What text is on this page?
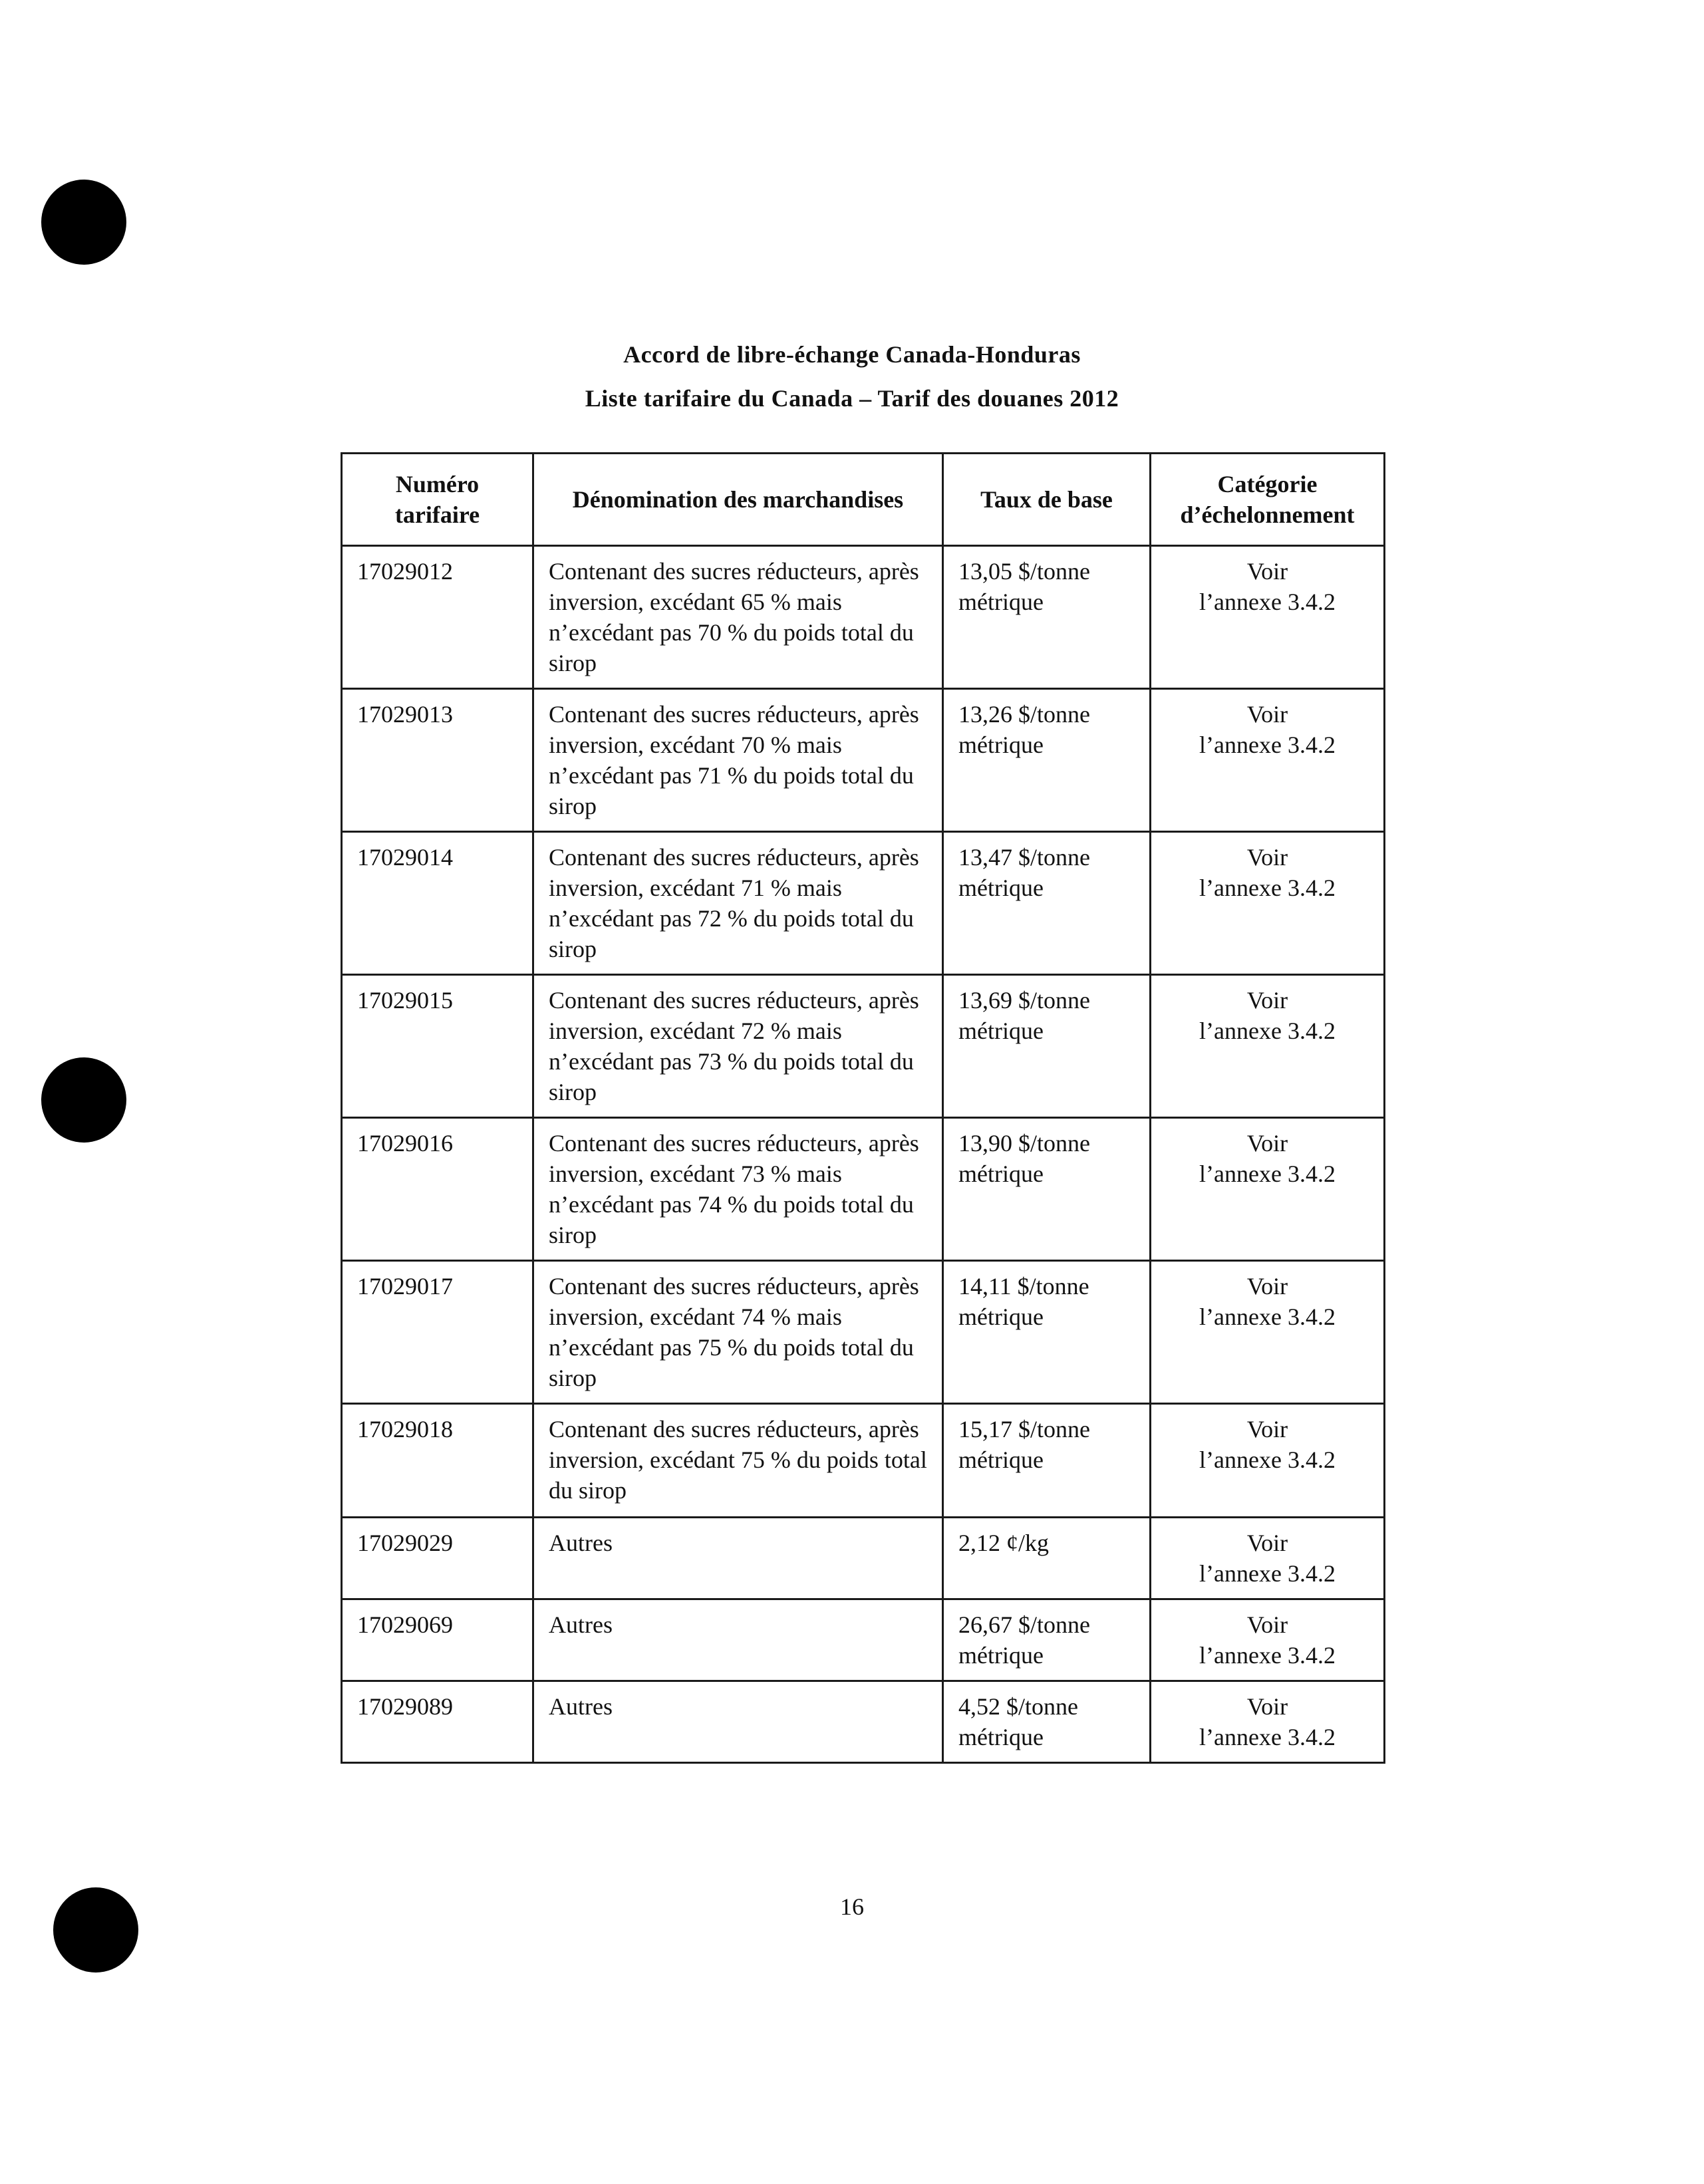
Accord de libre-échange Canada-Honduras
Liste tarifaire du Canada – Tarif des douanes 2012
Numéro
tarifaire	Dénomination des marchandises	Taux de base	Catégorie
d’échelonnement
17029012	Contenant des sucres réducteurs, après inversion, excédant 65 % mais n’excédant pas 70 % du poids total du sirop	13,05 $/tonne métrique	Voir
l’annexe 3.4.2

17029013	Contenant des sucres réducteurs, après inversion, excédant 70 % mais n’excédant pas 71 % du poids total du sirop	13,26 $/tonne métrique	Voir
l’annexe 3.4.2

17029014	Contenant des sucres réducteurs, après inversion, excédant 71 % mais n’excédant pas 72 % du poids total du sirop	13,47 $/tonne métrique	Voir
l’annexe 3.4.2

17029015	Contenant des sucres réducteurs, après inversion, excédant 72 % mais n’excédant pas 73 % du poids total du sirop	13,69 $/tonne métrique	Voir
l’annexe 3.4.2

17029016	Contenant des sucres réducteurs, après inversion, excédant 73 % mais n’excédant pas 74 % du poids total du sirop	13,90 $/tonne métrique	Voir
l’annexe 3.4.2

17029017	Contenant des sucres réducteurs, après inversion, excédant 74 % mais n’excédant pas 75 % du poids total du sirop	14,11 $/tonne métrique	Voir
l’annexe 3.4.2

17029018	Contenant des sucres réducteurs, après inversion, excédant 75 % du poids total du sirop	15,17 $/tonne métrique	Voir
l’annexe 3.4.2

17029029	Autres	2,12 ¢/kg	Voir
l’annexe 3.4.2

17029069	Autres	26,67 $/tonne métrique	Voir
l’annexe 3.4.2

17029089	Autres	4,52 $/tonne métrique	Voir
l’annexe 3.4.2
16
